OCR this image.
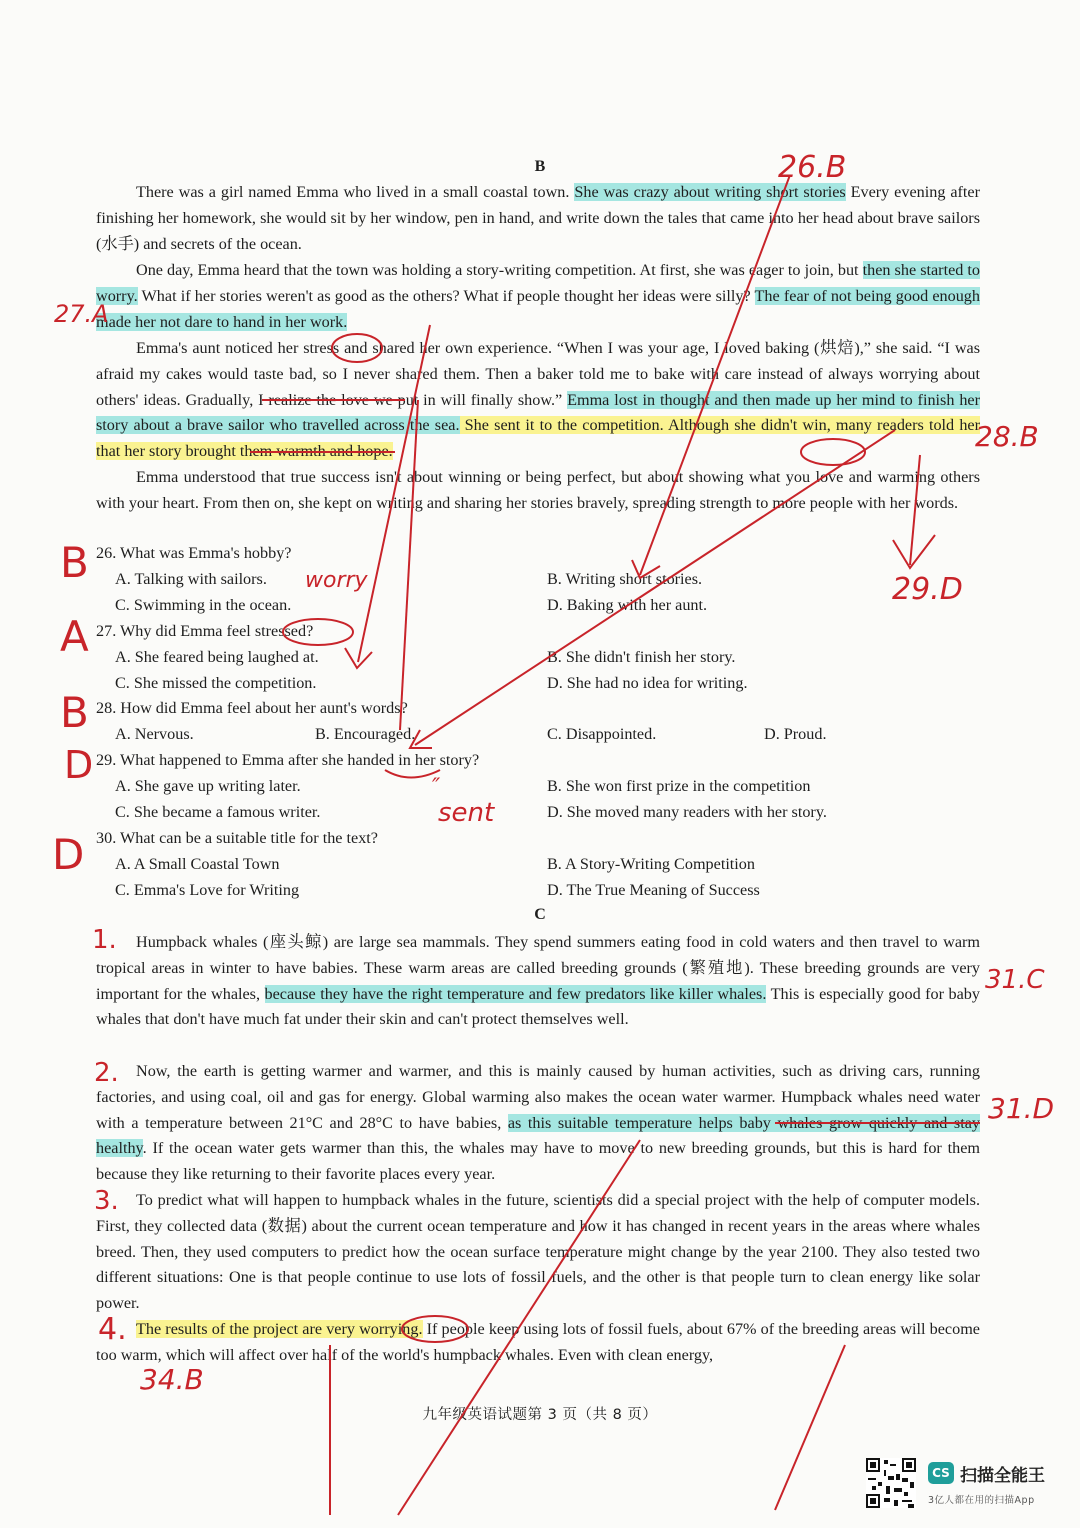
B

There was a girl named Emma who lived in a small coastal town. She was crazy about writing short stories Every evening after finishing her homework, she would sit by her window, pen in hand, and write down the tales that came into her head about brave sailors (水手) and secrets of the ocean.

One day, Emma heard that the town was holding a story-writing competition. At first, she was eager to join, but then she started to worry. What if her stories weren't as good as the others? What if people thought her ideas were silly? The fear of not being good enough made her not dare to hand in her work.

Emma's aunt noticed her stress and shared her own experience. “When I was your age, I loved baking (烘焙),” she said. “I was afraid my cakes would taste bad, so I never shared them. Then a baker told me to bake with care instead of always worrying about others' ideas. Gradually, I realize the love we put in will finally show.” Emma lost in thought and then made up her mind to finish her story about a brave sailor who travelled across the sea. She sent it to the competition. Although she didn't win, many readers told her that her story brought them warmth and hope.

Emma understood that true success isn't about winning or being perfect, but about showing what you love and warming others with your heart. From then on, she kept on writing and sharing her stories bravely, spreading strength to more people with her words.

26. What was Emma's hobby?
A. Talking with sailors.	B. Writing short stories.
C. Swimming in the ocean.	D. Baking with her aunt.
27. Why did Emma feel stressed?
A. She feared being laughed at.	B. She didn't finish her story.
C. She missed the competition.	D. She had no idea for writing.
28. How did Emma feel about her aunt's words?
A. Nervous.	B. Encouraged.	C. Disappointed.	D. Proud.
29. What happened to Emma after she handed in her story?
A. She gave up writing later.	B. She won first prize in the competition
C. She became a famous writer.	D. She moved many readers with her story.
30. What can be a suitable title for the text?
A. A Small Coastal Town	B. A Story-Writing Competition
C. Emma's Love for Writing	D. The True Meaning of Success
C

Humpback whales (座头鲸) are large sea mammals. They spend summers eating food in cold waters and then travel to warm tropical areas in winter to have babies. These warm areas are called breeding grounds (繁殖地). These breeding grounds are very important for the whales, because they have the right temperature and few predators like killer whales. This is especially good for baby whales that don't have much fat under their skin and can't protect themselves well.

Now, the earth is getting warmer and warmer, and this is mainly caused by human activities, such as driving cars, running factories, and using coal, oil and gas for energy. Global warming also makes the ocean water warmer. Humpback whales need water with a temperature between 21°C and 28°C to have babies, as this suitable temperature helps baby whales grow quickly and stay healthy. If the ocean water gets warmer than this, the whales may have to move to new breeding grounds, but this is hard for them because they like returning to their favorite places every year.

To predict what will happen to humpback whales in the future, scientists did a special project with the help of computer models. First, they collected data (数据) about the current ocean temperature and how it has changed in recent years in the areas where whales breed. Then, they used computers to predict how the ocean surface temperature might change by the year 2100. They also tested two different situations: One is that people continue to use lots of fossil fuels, and the other is that people turn to clean energy like solar power.

The results of the project are very worrying. If people keep using lots of fossil fuels, about 67% of the breeding areas will become too warm, which will affect over half of the world's humpback whales. Even with clean energy,

九年级英语试题第 3 页（共 8 页）
26.B
27.A
28.B
29.D
31.C
31.D
34.B
B
A
B
D
D
worry
sent
″
1.
2.
3.
4.
CS 扫描全能王
3亿人都在用的扫描App
